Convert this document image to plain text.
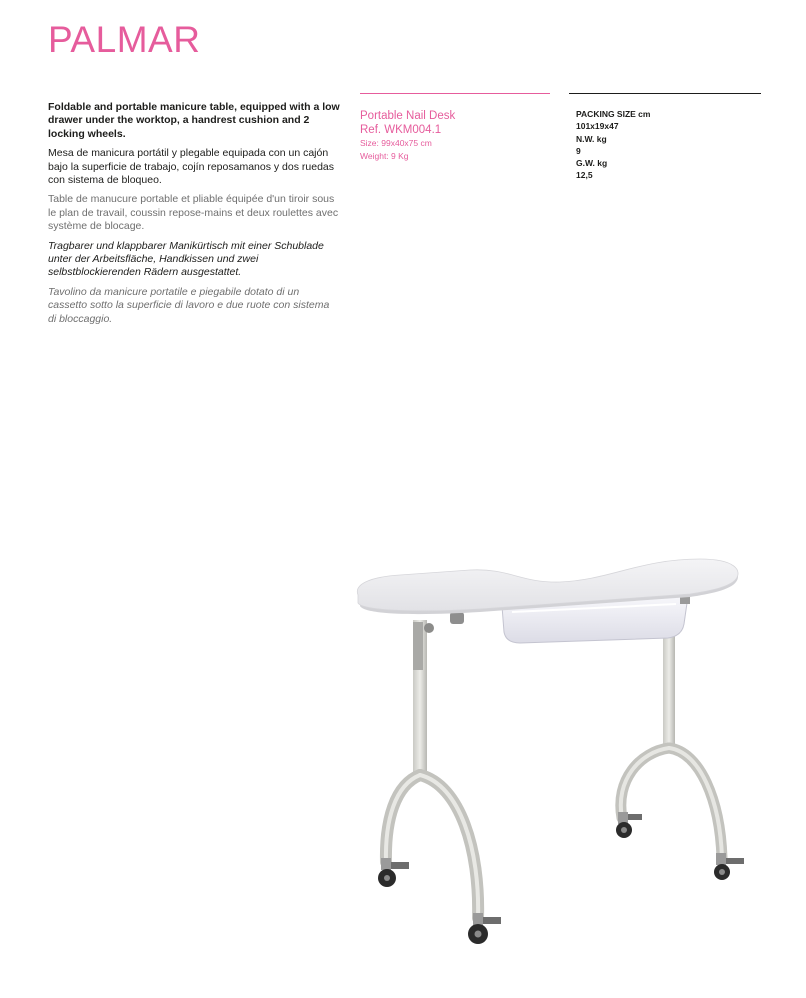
PALMAR

Foldable and portable manicure table, equipped with a low drawer under the worktop, a handrest cushion and 2 locking wheels.

Mesa de manicura portátil y plegable equipada con un cajón bajo la superficie de trabajo, cojín reposamanos y dos ruedas con sistema de bloqueo.

Table de manucure portable et pliable équipée d'un tiroir sous le plan de travail, coussin repose-mains et deux roulettes avec système de blocage.

Tragbarer und klappbarer Manikürtisch mit einer Schublade unter der Arbeitsfläche, Handkissen und zwei selbstblockierenden Rädern ausgestattet.

Tavolino da manicure portatile e piegabile dotato di un cassetto sotto la superficie di lavoro e due ruote con sistema di bloccaggio.

Portable Nail Desk
Ref. WKM004.1
Size: 99x40x75 cm
Weight: 9 Kg
PACKING SIZE cm
101x19x47
N.W. kg
9
G.W. kg
12,5
